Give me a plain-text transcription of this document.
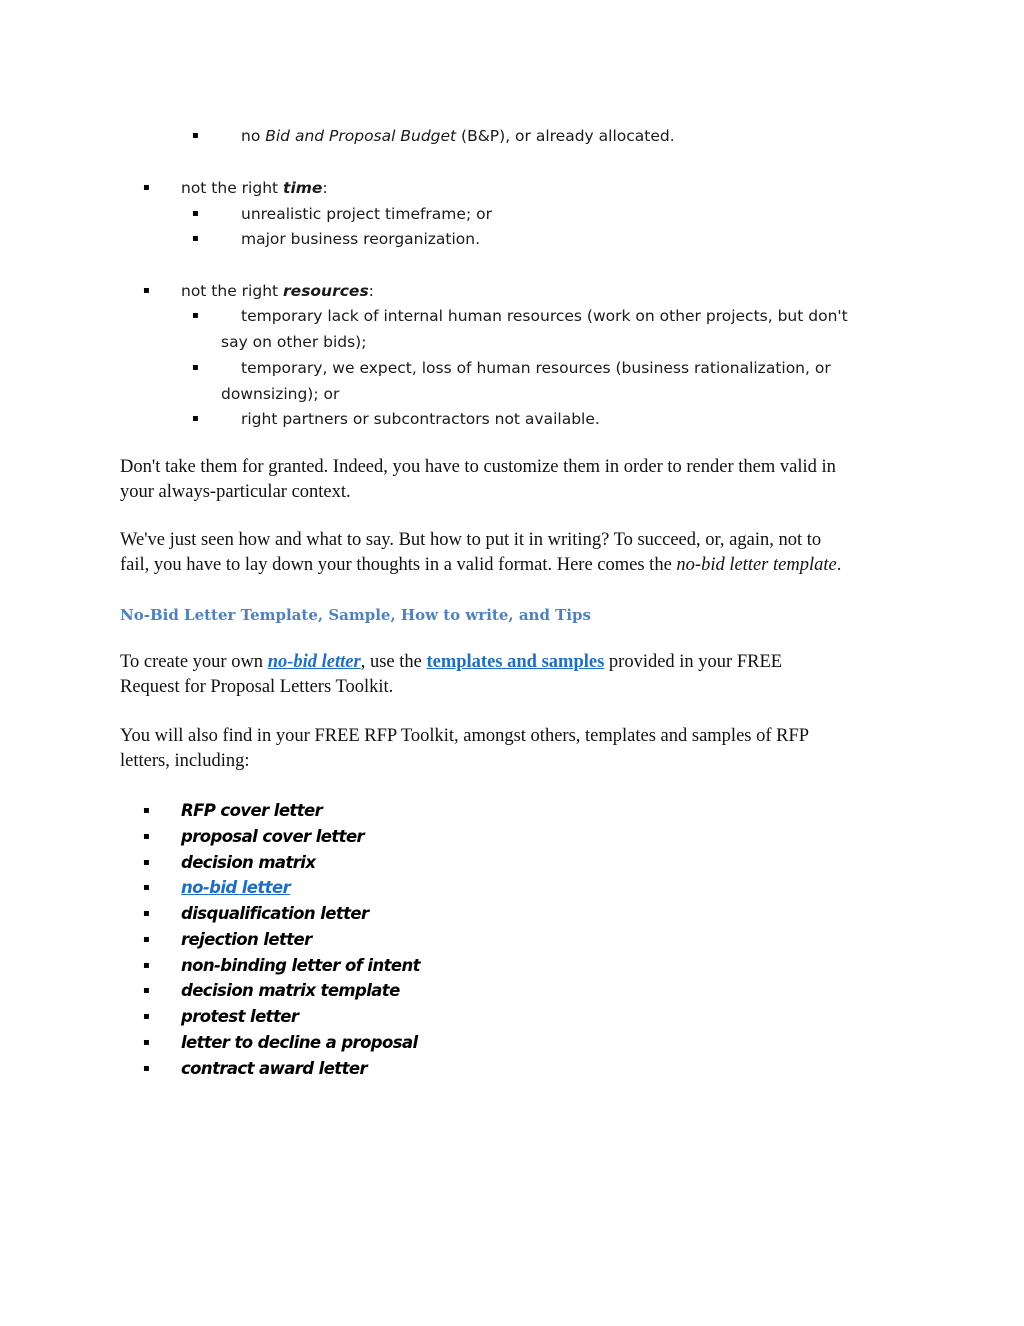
▪	no Bid and Proposal Budget (B&P), or already allocated.
▪ not the right time:
▪	unrealistic project timeframe; or
▪	major business reorganization.
▪ not the right resources:
▪	temporary lack of internal human resources (work on other projects, but don't
say on other bids);
▪	temporary, we expect, loss of human resources (business rationalization, or
downsizing); or
▪	right partners or subcontractors not available.
Don't take them for granted. Indeed, you have to customize them in order to render them valid in
your always-particular context.
We've just seen how and what to say. But how to put it in writing? To succeed, or, again, not to
fail, you have to lay down your thoughts in a valid format. Here comes the no-bid letter template.
No-Bid Letter Template, Sample, How to write, and Tips
To create your own no-bid letter, use the templates and samples provided in your FREE
Request for Proposal Letters Toolkit.
You will also find in your FREE RFP Toolkit, amongst others, templates and samples of RFP
letters, including:
▪ RFP cover letter
▪ proposal cover letter
▪ decision matrix
▪ no-bid letter
▪ disqualification letter
▪ rejection letter
▪ non-binding letter of intent
▪ decision matrix template
▪ protest letter
▪ letter to decline a proposal
▪ contract award letter
